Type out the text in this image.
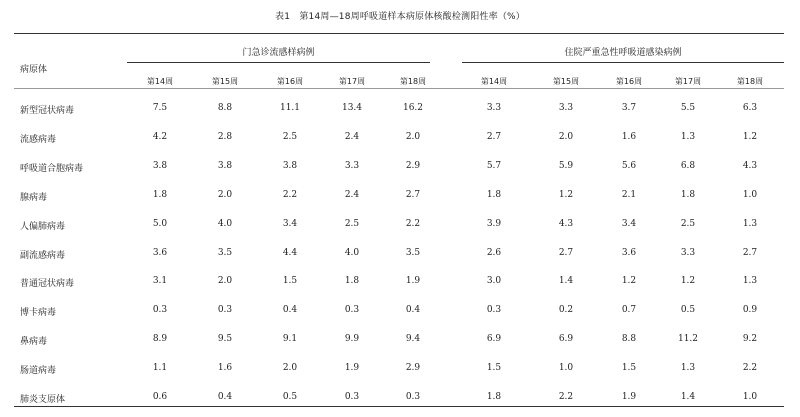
表1　第14周—18周呼吸道样本病原体核酸检测阳性率（%）
门急诊流感样病例	住院严重急性呼吸道感染病例
病原体
第14周	第15周	第16周	第17周	第18周	第14周	第15周	第16周	第17周	第18周
新型冠状病毒	7.5	8.8	11.1	13.4	16.2	3.3	3.3	3.7	5.5	6.3
流感病毒	4.2	2.8	2.5	2.4	2.0	2.7	2.0	1.6	1.3	1.2
呼吸道合胞病毒	3.8	3.8	3.8	3.3	2.9	5.7	5.9	5.6	6.8	4.3
腺病毒	1.8	2.0	2.2	2.4	2.7	1.8	1.2	2.1	1.8	1.0
人偏肺病毒	5.0	4.0	3.4	2.5	2.2	3.9	4.3	3.4	2.5	1.3
副流感病毒	3.6	3.5	4.4	4.0	3.5	2.6	2.7	3.6	3.3	2.7
普通冠状病毒	3.1	2.0	1.5	1.8	1.9	3.0	1.4	1.2	1.2	1.3
博卡病毒	0.3	0.3	0.4	0.3	0.4	0.3	0.2	0.7	0.5	0.9
鼻病毒	8.9	9.5	9.1	9.9	9.4	6.9	6.9	8.8	11.2	9.2
肠道病毒	1.1	1.6	2.0	1.9	2.9	1.5	1.0	1.5	1.3	2.2
肺炎支原体	0.6	0.4	0.5	0.3	0.3	1.8	2.2	1.9	1.4	1.0
